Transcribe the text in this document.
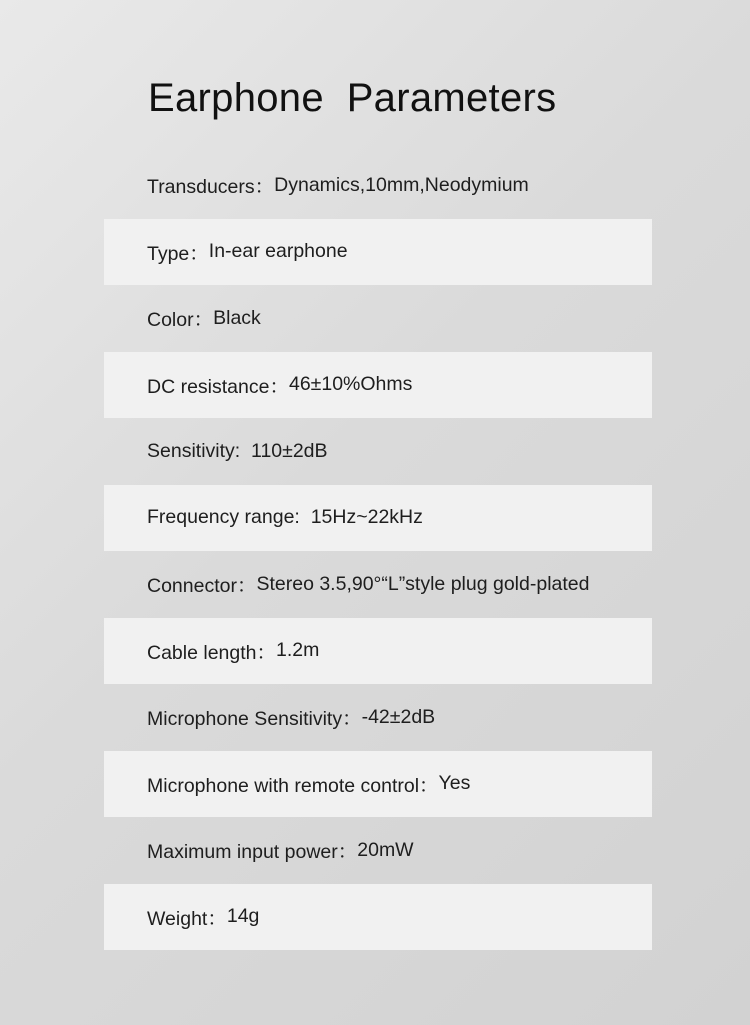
Earphone  Parameters
Transducers： Dynamics,10mm,Neodymium
Type： In-ear earphone
Color： Black
DC resistance： 46±10%Ohms
Sensitivity: 110±2dB
Frequency range: 15Hz~22kHz
Connector： Stereo 3.5,90°“L”style plug gold-plated
Cable length： 1.2m
Microphone Sensitivity： -42±2dB
Microphone with remote control： Yes
Maximum input power： 20mW
Weight： 14g
